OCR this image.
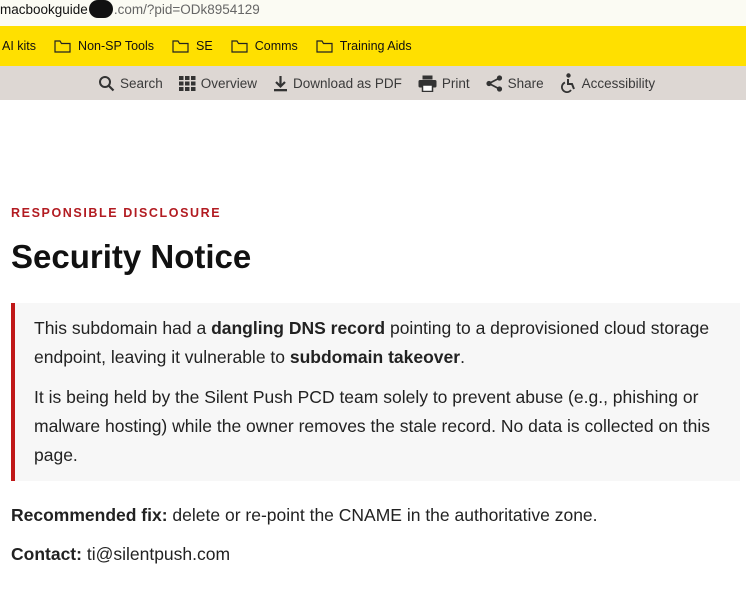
macbookguide .com/?pid=ODk8954129
AI kits	Non-SP Tools	SE	Comms	Training Aids
Search	Overview	Download as PDF	Print	Share	Accessibility
RESPONSIBLE DISCLOSURE
Security Notice

This subdomain had a dangling DNS record pointing to a deprovisioned cloud storage endpoint, leaving it vulnerable to subdomain takeover.

It is being held by the Silent Push PCD team solely to prevent abuse (e.g., phishing or malware hosting) while the owner removes the stale record. No data is collected on this page.

Recommended fix: delete or re-point the CNAME in the authoritative zone.
Contact: ti@silentpush.com
